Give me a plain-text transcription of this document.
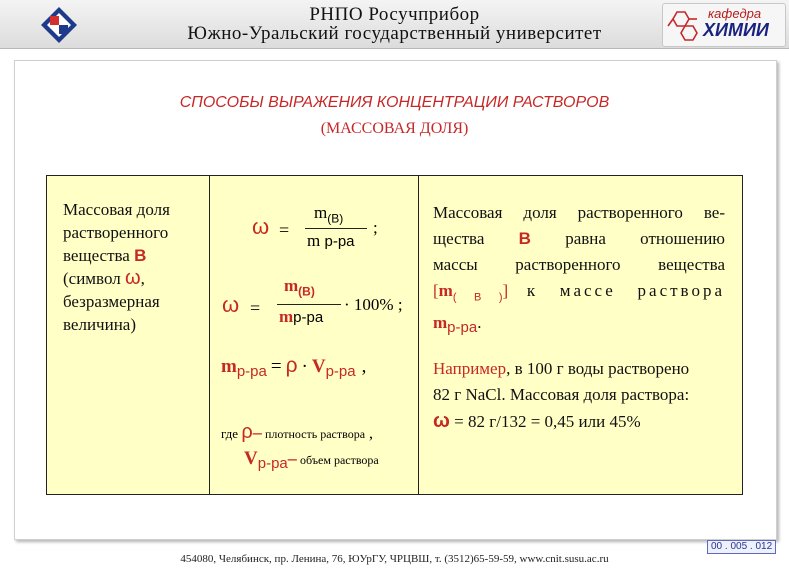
РНПО Росучприбор
Южно-Уральский государственный университет
кафедра
ХИМИИ
СПОСОБЫ ВЫРАЖЕНИЯ КОНЦЕНТРАЦИИ РАСТВОРОВ
(МАССОВАЯ ДОЛЯ)
Массовая доля
растворенного
вещества В
(символ ω,
безразмерная
величина)
ω =
$m_{(В)}$
m р-ра
;
ω =
$m_{(В)}$
mр-ра
· 100% ;
$m_{р-ра} = \rho \cdot V_{р-ра}$ ,
где ρ– плотность раствора ,
Vр-ра– объем раствора
Массовая доля растворенного ве-
щества В равна отношению
массы растворенного вещества
$[m_{( В )}]$ к массе раствора
mр-ра.
Например, в 100 г воды растворено
82 г NaCl. Массовая доля раствора:
ω = 82 г/132 = 0,45 или 45%
00 . 005 . 012
454080, Челябинск, пр. Ленина, 76, ЮУрГУ, ЧРЦВШ, т. (3512)65-59-59, www.cnit.susu.ac.ru
